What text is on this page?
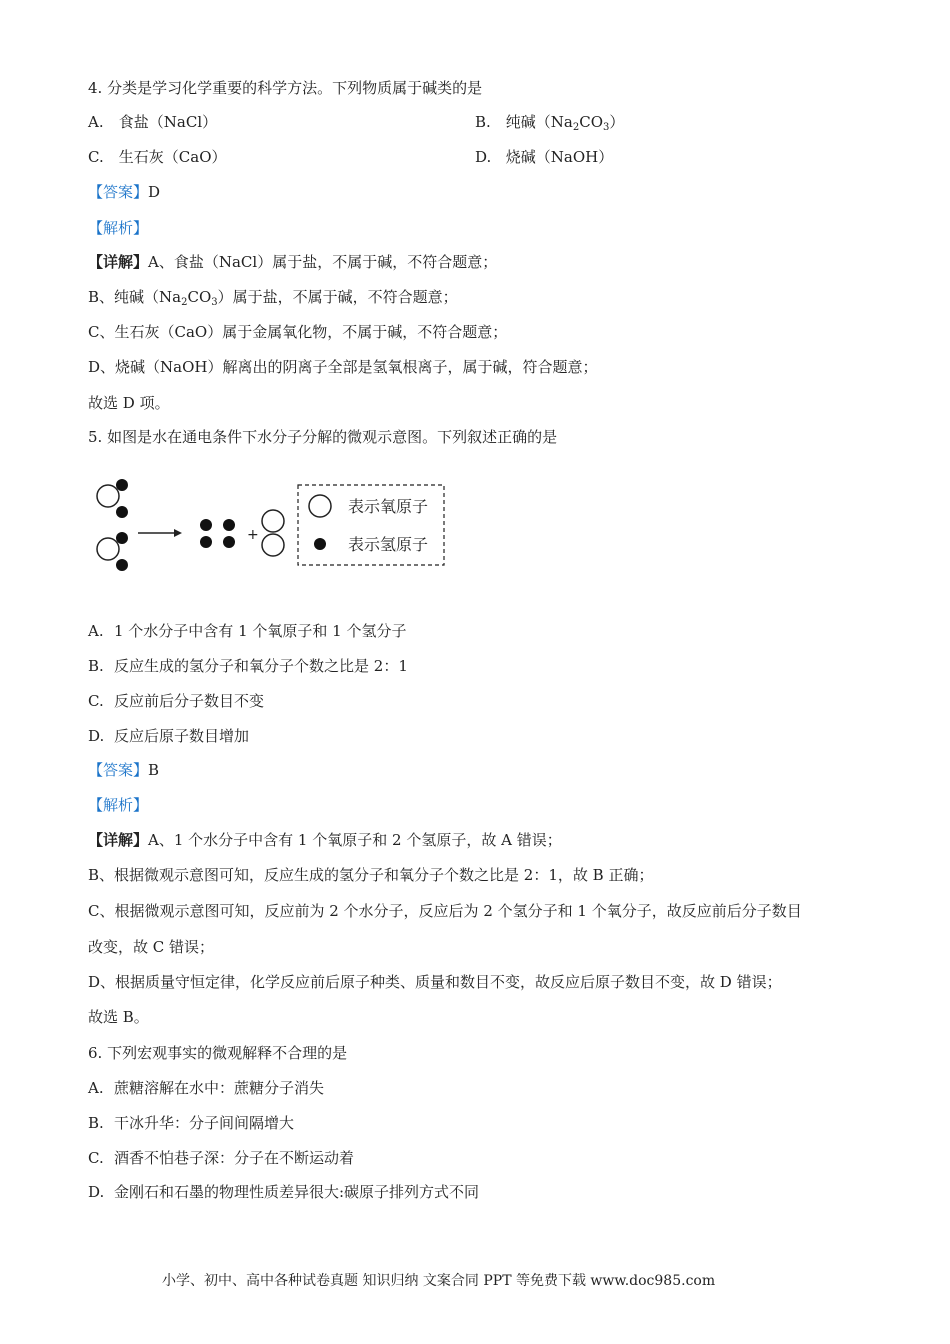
4. 分类是学习化学重要的科学方法。下列物质属于碱类的是
A. 食盐（NaCl）	B. 纯碱$(Na_2CO_3)$
C. 生石灰（CaO）	D. 烧碱（NaOH）
【答案】D
【解析】
【详解】A、食盐（NaCl）属于盐，不属于碱，不符合题意；
B、纯碱$(Na_2CO_3)$属于盐，不属于碱，不符合题意；
C、生石灰（CaO）属于金属氧化物，不属于碱，不符合题意；
D、烧碱（NaOH）解离出的阴离子全部是氢氧根离子，属于碱，符合题意；
故选 D 项。
5. 如图是水在通电条件下水分子分解的微观示意图。下列叙述正确的是
+
表示氧原子
表示氢原子
A. 1 个水分子中含有 1 个氧原子和 1 个氢分子
B. 反应生成的氢分子和氧分子个数之比是 2：1
C. 反应前后分子数目不变
D. 反应后原子数目增加
【答案】B
【解析】
【详解】A、1 个水分子中含有 1 个氧原子和 2 个氢原子，故 A 错误；
B、根据微观示意图可知，反应生成的氢分子和氧分子个数之比是 2：1，故 B 正确；
C、根据微观示意图可知，反应前为 2 个水分子，反应后为 2 个氢分子和 1 个氧分子，故反应前后分子数目
改变，故 C 错误；
D、根据质量守恒定律，化学反应前后原子种类、质量和数目不变，故反应后原子数目不变，故 D 错误；
故选 B。
6. 下列宏观事实的微观解释不合理的是
A. 蔗糖溶解在水中：蔗糖分子消失
B. 干冰升华：分子间间隔增大
C. 酒香不怕巷子深：分子在不断运动着
D. 金刚石和石墨的物理性质差异很大:碳原子排列方式不同
小学、初中、高中各种试卷真题 知识归纳 文案合同 PPT 等免费下载 www.doc985.com
